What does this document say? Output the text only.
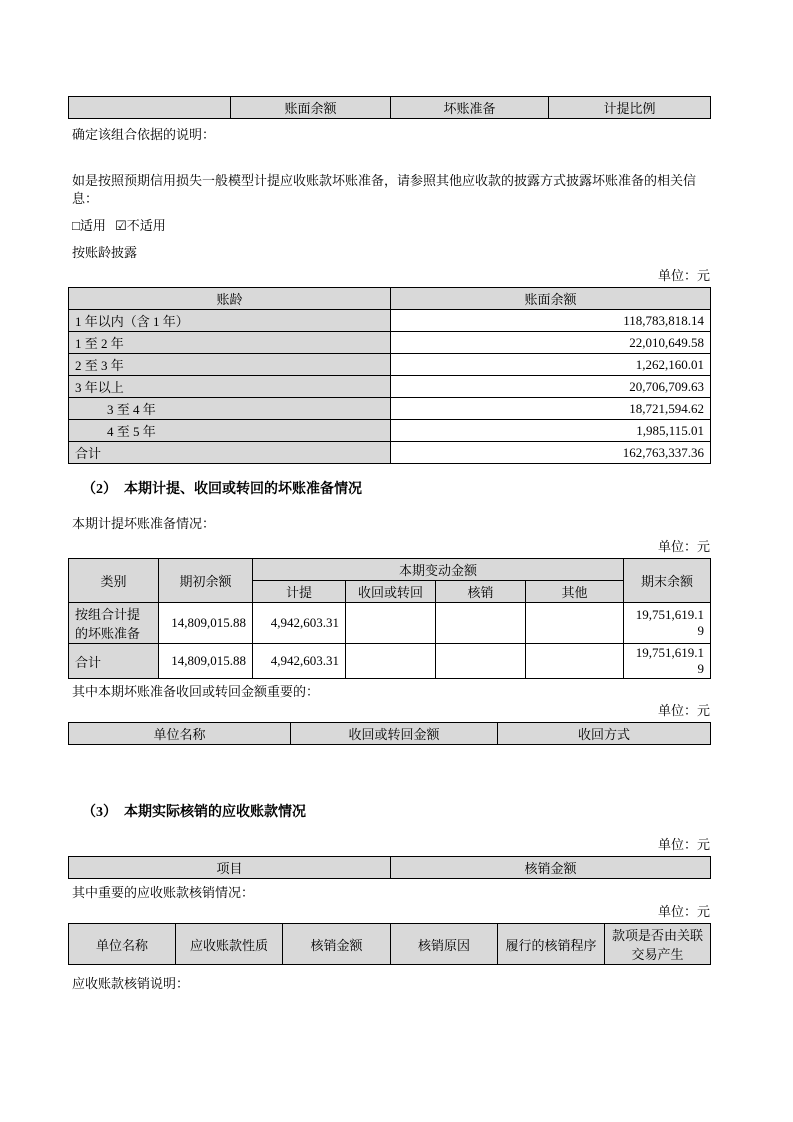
	账面余额	坏账准备	计提比例

确定该组合依据的说明：

如是按照预期信用损失一般模型计提应收账款坏账准备，请参照其他应收款的披露方式披露坏账准备的相关信息：

□适用 ☑不适用

按账龄披露

单位：元

账龄	账面余额
1 年以内（含 1 年）	118,783,818.14
1 至 2 年	22,010,649.58
2 至 3 年	1,262,160.01
3 年以上	20,706,709.63
3 至 4 年	18,721,594.62
4 至 5 年	1,985,115.01
合计	162,763,337.36

（2）　本期计提、收回或转回的坏账准备情况

本期计提坏账准备情况：

单位：元

类别	期初余额	本期变动金额				期末余额
		计提	收回或转回	核销	其他	
按组合计提的坏账准备	14,809,015.88	4,942,603.31				19,751,619.19
合计	14,809,015.88	4,942,603.31				19,751,619.19

其中本期坏账准备收回或转回金额重要的：

单位：元

单位名称	收回或转回金额	收回方式

（3）　本期实际核销的应收账款情况

单位：元

项目	核销金额

其中重要的应收账款核销情况：

单位：元

单位名称	应收账款性质	核销金额	核销原因	履行的核销程序	款项是否由关联交易产生

应收账款核销说明：
